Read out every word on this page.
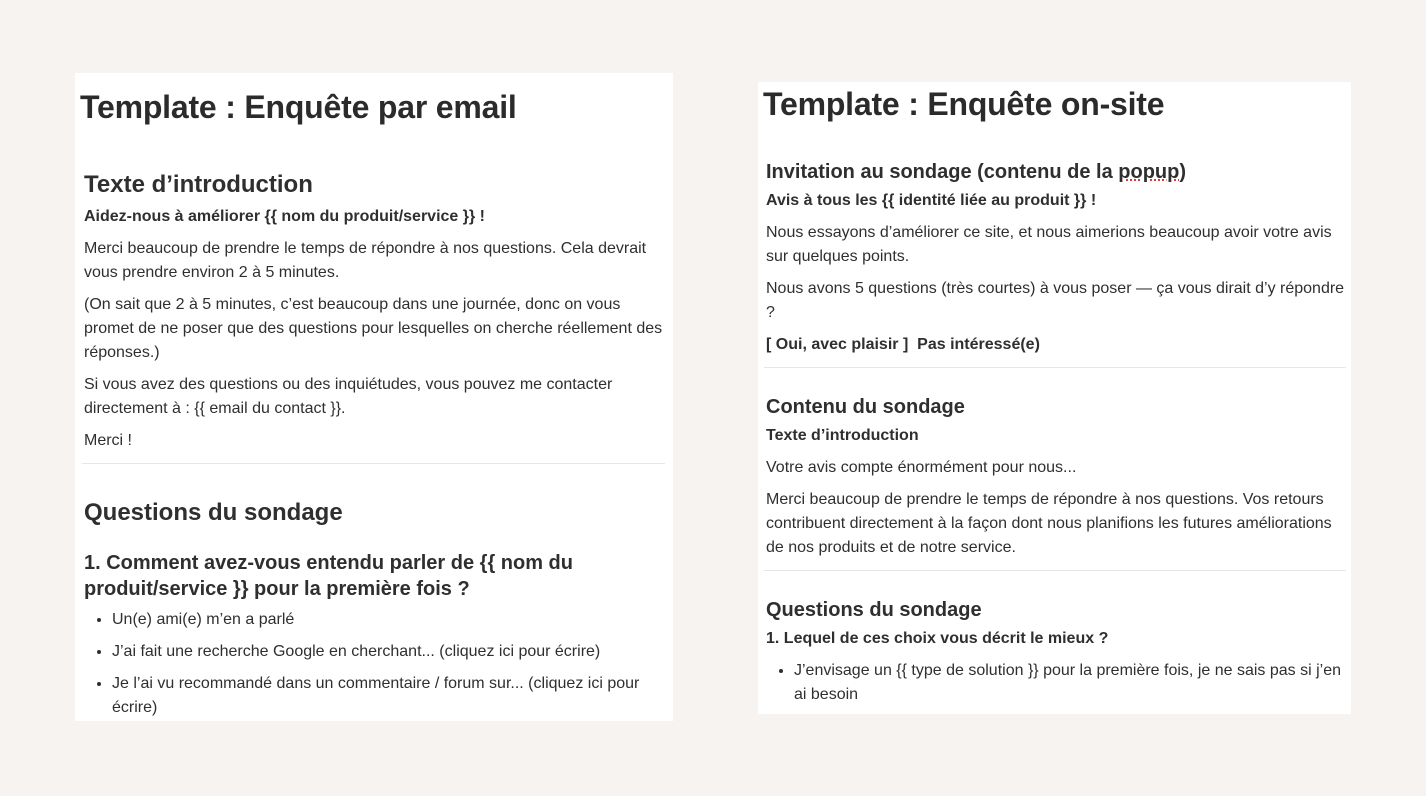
Template : Enquête par email
Texte d’introduction

Aidez-nous à améliorer {{ nom du produit/service }} !

Merci beaucoup de prendre le temps de répondre à nos questions. Cela devrait vous prendre environ 2 à 5 minutes.

(On sait que 2 à 5 minutes, c’est beaucoup dans une journée, donc on vous promet de ne poser que des questions pour lesquelles on cherche réellement des réponses.)

Si vous avez des questions ou des inquiétudes, vous pouvez me contacter directement à : {{ email du contact }}.

Merci !

Questions du sondage
1. Comment avez-vous entendu parler de {{ nom du produit/service }} pour la première fois ?
• Un(e) ami(e) m’en a parlé
• J’ai fait une recherche Google en cherchant... (cliquez ici pour écrire)
• Je l’ai vu recommandé dans un commentaire / forum sur... (cliquez ici pour écrire)
Template : Enquête on-site
Invitation au sondage (contenu de la popup)

Avis à tous les {{ identité liée au produit }} !

Nous essayons d’améliorer ce site, et nous aimerions beaucoup avoir votre avis sur quelques points.

Nous avons 5 questions (très courtes) à vous poser — ça vous dirait d’y répondre ?

[ Oui, avec plaisir ] Pas intéressé(e)

Contenu du sondage

Texte d’introduction

Votre avis compte énormément pour nous...

Merci beaucoup de prendre le temps de répondre à nos questions. Vos retours contribuent directement à la façon dont nous planifions les futures améliorations de nos produits et de notre service.

Questions du sondage

1. Lequel de ces choix vous décrit le mieux ?

• J’envisage un {{ type de solution }} pour la première fois, je ne sais pas si j’en ai besoin
